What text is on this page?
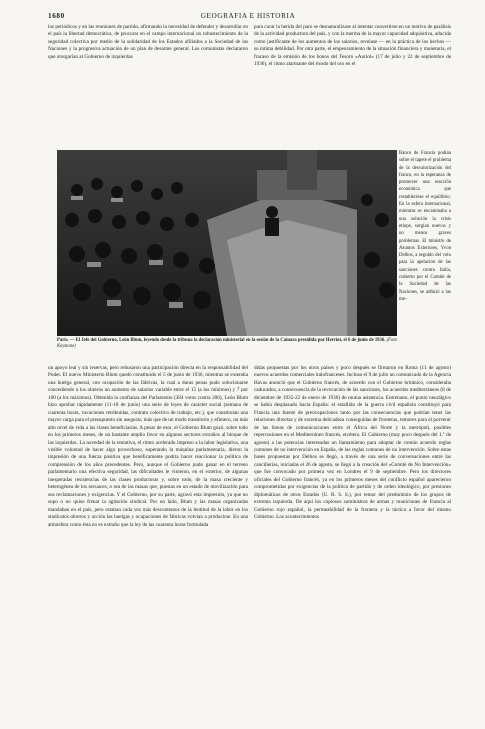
1680	GEOGRAFIA E HISTORIA

los periódicos y en las reuniones de partido, afirmando la necesidad de defender y desarrollar en el país la libertad democrática, de procurar en el campo internacional un robustecimiento de la seguridad colectiva por medio de la solidaridad de los Estados afiliados a la Sociedad de las Naciones y la progresiva actuación de un plan de desarme general. Los comunistas declararon que otorgarían al Gobierno de izquierdas

para curar la herida del paro se desnaturalizase al intentar convertirse en un motivo de parálisis de la actividad productora del país, y con la merma de la mayor capacidad adquisitiva, aducida como justificante de los aumentos de los salarios, revelase — en la práctica de los hechos — su íntima debilidad. Por otra parte, el empeoramiento de la situación financiera y monetaria, el fracaso de la emisión de los bonos del Tesoro «Auriol» (17 de julio y 22 de septiembre de 1936), el ritmo alarmante del éxodo del oro en el

Banco de Francia podían sobre el tapete el problema de la desvalorización del franco, en la esperanza de promover una reacción económica que restableciese el equilibrio. En la esfera internacional, mientras se encaminaba a una solución la crisis etíope, surgían nuevos y no menos graves problemas. El ministro de Asuntos Exteriores, Yvon Delbos, a seguido del voto para la apelación de las sanciones contra Italia, cubierto por el Comité de la Sociedad de las Naciones, se adhirió a las me-

París. — El Jefe del Gobierno, León Blum, leyendo desde la tribuna la declaración ministerial en la sesión de la Cámara presidida por Herriot, el 6 de junio de 1936. (Foto Keystone)

un apoyo leal y sin reservas, pero rehusaron una participación directa en la responsabilidad del Poder. El nuevo Ministerio Blum quedó constituido el 5 de junio de 1936, mientras se extendía una huelga general, con ocupación de las fábricas, la cual a duras penas pudo solucionarse concediendo a los obreros un aumento de salarios variable entre el 15 (a los mínimos) y 7 por 100 (a los máximos). Obtenida la confianza del Parlamento (384 votos contra 200), León Blum hizo aprobar rápidamente (11-18 de junio) una serie de leyes de carácter social (semana de cuarenta horas, vacaciones retribuidas, contrato colectivo de trabajo, etc.), que constituían una mayor carga para el presupuesto sin asegurar, más que de un modo transitorio y efímero, un más alto nivel de vida a las clases beneficiarias. A pesar de esto, el Gobierno Blum gozó, sobre todo en los primeros meses, de un bastante amplio favor en algunos sectores extraños al bloque de las izquierdas. La novedad de la tentativa, el ritmo acelerado impreso a la labor legislativa, una visible voluntad de hacer algo provechoso, superando la máquina parlamentaria, dieron la impresión de una fuerza positiva que benéficamente podría hacer reaccionar la política de comprensión de los años precedentes. Pero, aunque el Gobierno pudo ganar en el terreno parlamentario una efectiva seguridad, las dificultades le vinieron, en el exterior, de algunas inesperadas resistencias de las clases productoras y, sobre todo, de la masa creciente y heterogénea de los secuaces, o sea de las masas que, puestas en un estado de movilización para sus reclamaciones y exigencias. Y el Gobierno, por su parte, agravó esta impresión, ya que no supo o no quiso frenar la agitación sindical. Por un lado, Blum y las masas organizadas mandaban en el país, pero estaban cada vez más descontentos de la lentitud de la labor en los sindicatos obreros y acción las huelgas y ocupaciones de fábricas volvían a producirse. En una atmósfera como ésta no es extraño que la ley de las cuarenta horas formulada

didas propuestas por los otros países y poco después se firmaron en Roma (11 de agosto) nuevos acuerdos comerciales italofranceses. Incluso el 9 de julio un comunicado de la Agencia Havas anunció que el Gobierno francés, de acuerdo con el Gobierno británico, consideraba caducados, a consecuencia de la revocación de las sanciones, los acuerdos mediterráneos (8 de diciembre de 1935-22 de enero de 1936) de mutua asistencia. Entretanto, el punto neurálgico se había desplazado hacia España: el estallido de la guerra civil española constituyó para Francia una fuente de preocupaciones tanto por las consecuencias que podrían tener las relaciones directas y de extrema delicadeza conseguidas de fronteras, temores para el porvenir de las líneas de comunicaciones entre el África del Norte y la metrópoli, posibles repercusiones en el Mediterráneo francés, etcétera. El Gobierno (muy poco después del 1.º de agosto) a las potencias interesadas un llamamiento para adoptar de común acuerdo reglas comunes de no intervención en España, de las reglas comunes de no intervención. Sobre estas bases propuestas por Delbos se llegó, a través de una serie de conversaciones entre las cancillerías, iniciadas el 26 de agosto, se llegó a la creación del «Comité de No Intervención» que fue convocado por primera vez en Londres el 9 de septiembre. Pero los directores oficiales del Gobierno francés, ya en los primeros meses del conflicto español aparecieron comprometidas por exigencias de la política de partido y de orden ideológico, por presiones diplomáticas de otros Estados (U. R. S. S.), por temor del predominio de los grupos de extrema izquierda. De aquí los copiosos suministros de armas y municiones de Francia al Gobierno rojo español, la permeabilidad de la frontera y la táctica a favor del mismo Gobierno. Los acontecimientos
